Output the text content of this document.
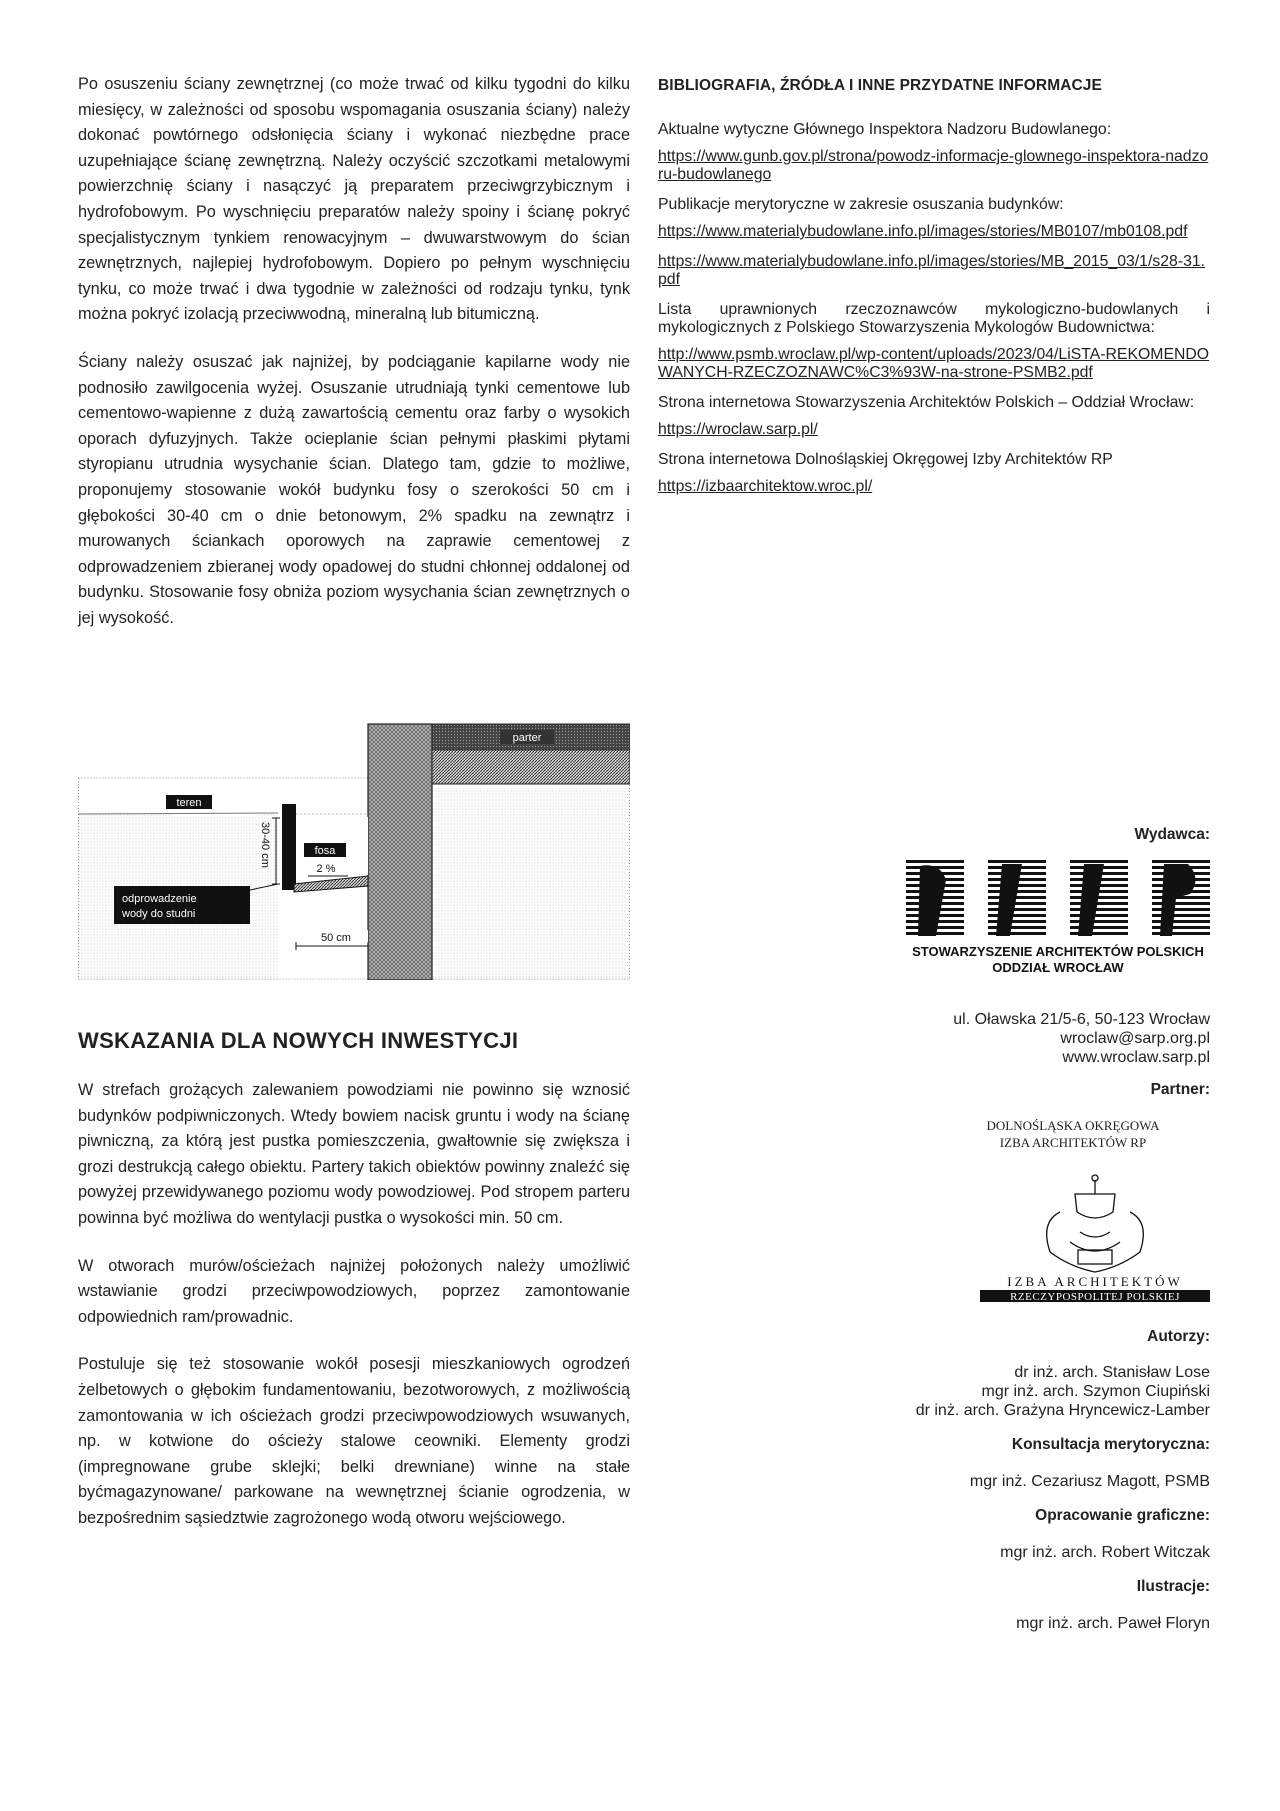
Po osuszeniu ściany zewnętrznej (co może trwać od kilku tygodni do kilku miesięcy, w zależności od sposobu wspomagania osuszania ściany) należy dokonać powtórnego odsłonięcia ściany i wykonać niezbędne prace uzupełniające ścianę zewnętrzną. Należy oczyścić szczotkami metalowymi powierzchnię ściany i nasączyć ją preparatem przeciwgrzybicznym i hydrofobowym. Po wyschnięciu preparatów należy spoiny i ścianę pokryć specjalistycznym tynkiem renowacyjnym – dwuwarstwowym do ścian zewnętrznych, najlepiej hydrofobowym. Dopiero po pełnym wyschnięciu tynku, co może trwać i dwa tygodnie w zależności od rodzaju tynku, tynk można pokryć izolacją przeciwwodną, mineralną lub bitumiczną.

Ściany należy osuszać jak najniżej, by podciąganie kapilarne wody nie podnosiło zawilgocenia wyżej. Osuszanie utrudniają tynki cementowe lub cementowo-wapienne z dużą zawartością cementu oraz farby o wysokich oporach dyfuzyjnych. Także ocieplanie ścian pełnymi płaskimi płytami styropianu utrudnia wysychanie ścian. Dlatego tam, gdzie to możliwe, proponujemy stosowanie wokół budynku fosy o szerokości 50 cm i głębokości 30-40 cm o dnie betonowym, 2% spadku na zewnątrz i murowanych ściankach oporowych na zaprawie cementowej z odprowadzeniem zbieranej wody opadowej do studni chłonnej oddalonej od budynku. Stosowanie fosy obniża poziom wysychania ścian zewnętrznych o jej wysokość.

BIBLIOGRAFIA, ŹRÓDŁA I INNE PRZYDATNE INFORMACJE

Aktualne wytyczne Głównego Inspektora Nadzoru Budowlanego:

https://www.gunb.gov.pl/strona/powodz-informacje-glownego-inspektora-nadzoru-budowlanego

Publikacje merytoryczne w zakresie osuszania budynków:

https://www.materialybudowlane.info.pl/images/stories/MB0107/mb0108.pdf
https://www.materialybudowlane.info.pl/images/stories/MB_2015_03/1/s28-31.pdf

Lista uprawnionych rzeczoznawców mykologiczno-budowlanych i mykologicznych z Polskiego Stowarzyszenia Mykologów Budownictwa:

http://www.psmb.wroclaw.pl/wp-content/uploads/2023/04/LiSTA-REKOMENDOWANYCH-RZECZOZNAWC%C3%93W-na-strone-PSMB2.pdf

Strona internetowa Stowarzyszenia Architektów Polskich – Oddział Wrocław:

https://wroclaw.sarp.pl/

Strona internetowa Dolnośląskiej Okręgowej Izby Architektów RP

https://izbaarchitektow.wroc.pl/
parter
teren
30-40 cm	fosa
2 %
odprowadzenie
wody do studni
50 cm
WSKAZANIA DLA NOWYCH INWESTYCJI

W strefach grożących zalewaniem powodziami nie powinno się wznosić budynków podpiwniczonych. Wtedy bowiem nacisk gruntu i wody na ścianę piwniczną, za którą jest pustka pomieszczenia, gwałtownie się zwiększa i grozi destrukcją całego obiektu. Partery takich obiektów powinny znaleźć się powyżej przewidywanego poziomu wody powodziowej. Pod stropem parteru powinna być możliwa do wentylacji pustka o wysokości min. 50 cm.

W otworach murów/ościeżach najniżej położonych należy umożliwić wstawianie grodzi przeciwpowodziowych, poprzez zamontowanie odpowiednich ram/prowadnic.

Postuluje się też stosowanie wokół posesji mieszkaniowych ogrodzeń żelbetowych o głębokim fundamentowaniu, bezotworowych, z możliwością zamontowania w ich ościeżach grodzi przeciwpowodziowych wsuwanych, np. w kotwione do ościeży stalowe ceowniki. Elementy grodzi (impregnowane grube sklejki; belki drewniane) winne na stałe byćmagazynowane/ parkowane na wewnętrznej ścianie ogrodzenia, w bezpośrednim sąsiedztwie zagrożonego wodą otworu wejściowego.

Wydawca:
STOWARZYSZENIE ARCHITEKTÓW POLSKICH
ODDZIAŁ WROCŁAW
ul. Oławska 21/5-6, 50-123 Wrocław
wroclaw@sarp.org.pl
www.wroclaw.sarp.pl
Partner:
DOLNOŚLĄSKA OKRĘGOWA
IZBA ARCHITEKTÓW RP
IZBA ARCHITEKTÓW
RZECZYPOSPOLITEJ POLSKIEJ
Autorzy:
dr inż. arch. Stanisław Lose
mgr inż. arch. Szymon Ciupiński
dr inż. arch. Grażyna Hryncewicz-Lamber
Konsultacja merytoryczna:
mgr inż. Cezariusz Magott, PSMB
Opracowanie graficzne:
mgr inż. arch. Robert Witczak
Ilustracje:
mgr inż. arch. Paweł Floryn
